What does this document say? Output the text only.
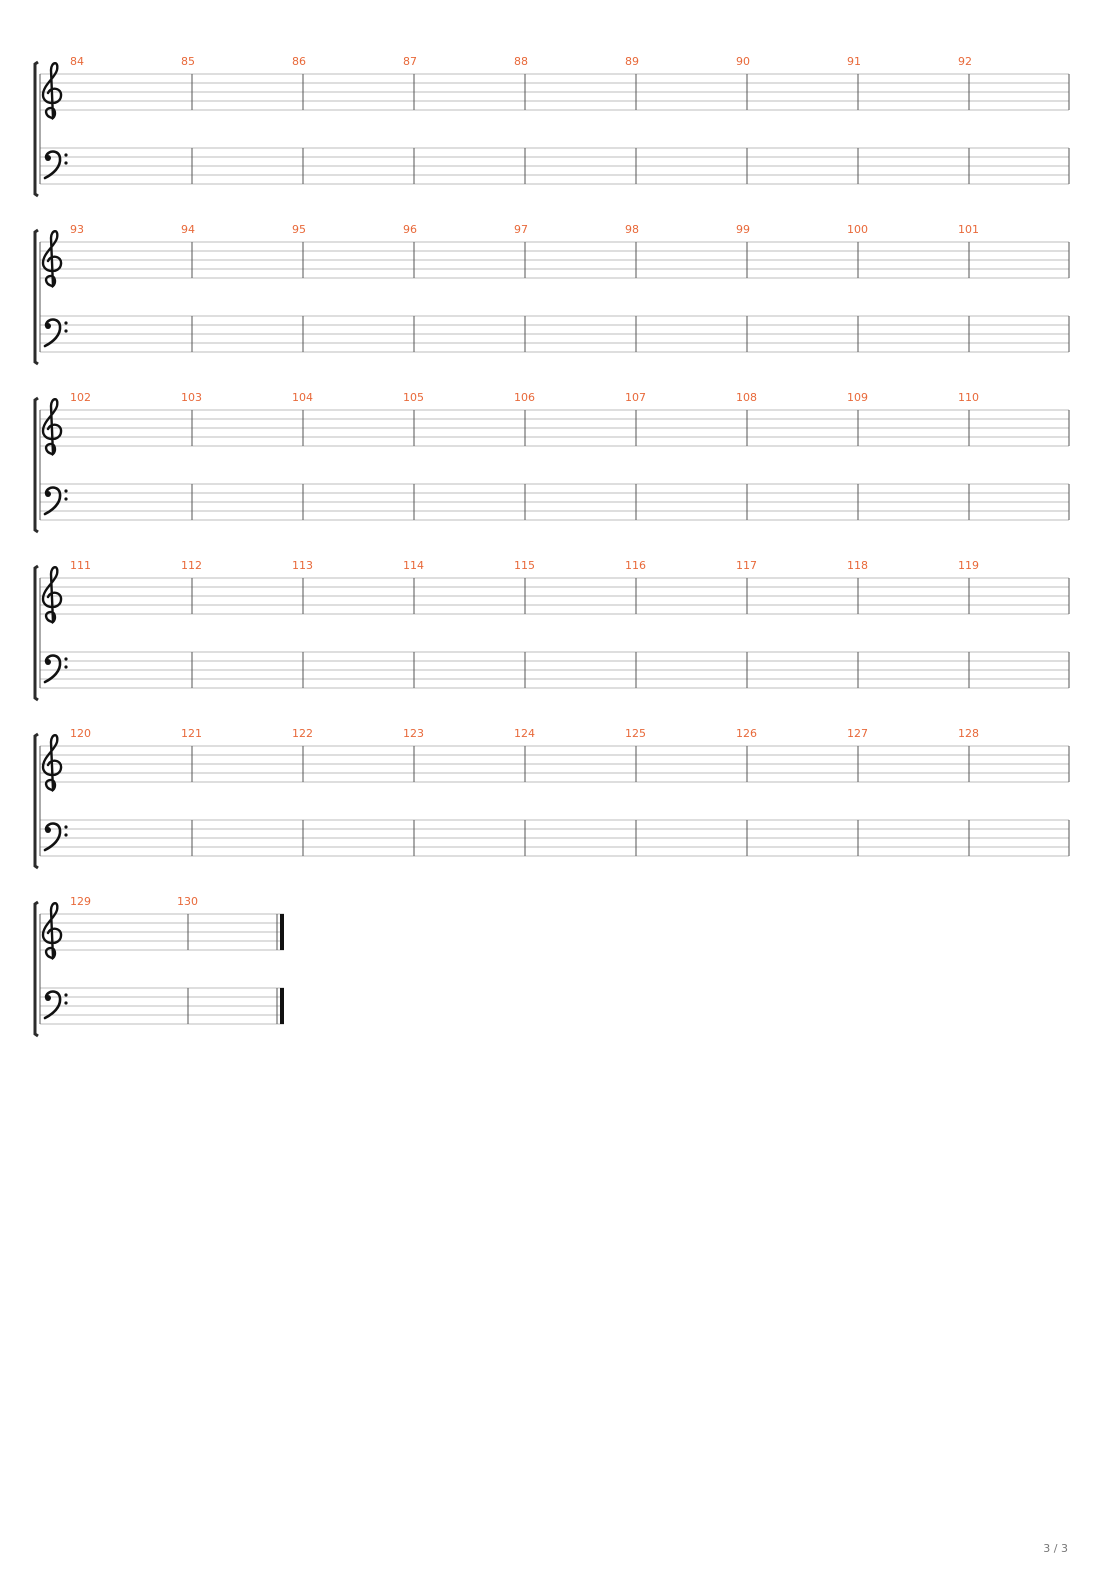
84	85	86	87	88	89	90	91	92
93	94	95	96	97	98	99	100	101
102	103	104	105	106	107	108	109	110
111	112	113	114	115	116	117	118	119
120	121	122	123	124	125	126	127	128
129	130
3 / 3
